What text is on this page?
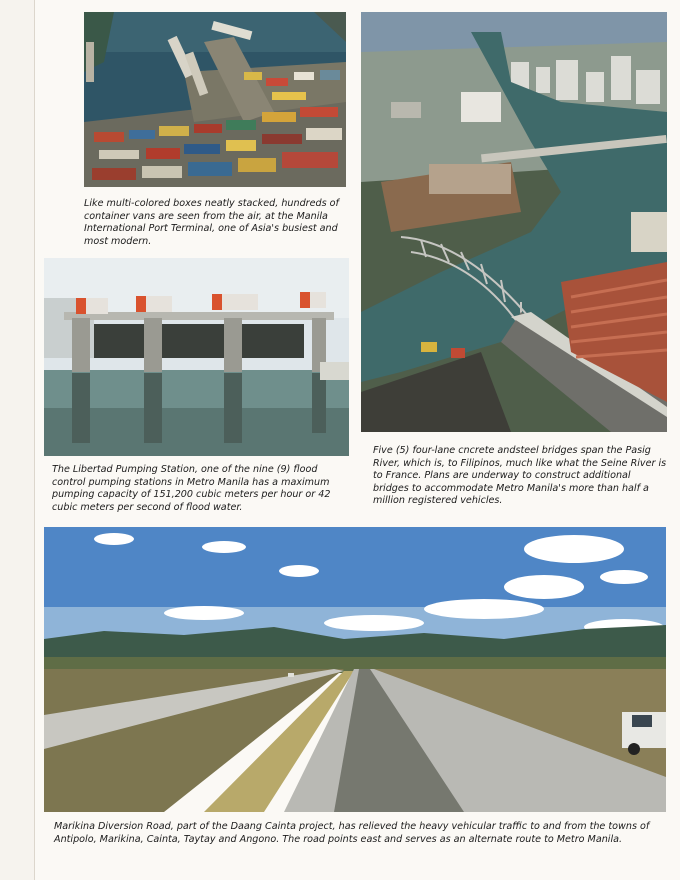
Like multi-colored boxes neatly stacked, hundreds of container vans are seen from the air, at the Manila International Port Terminal, one of Asia's busiest and most modern.

Five (5) four-lane cncrete andsteel bridges span the Pasig River, which is, to Filipinos, much like what the Seine River is to France. Plans are underway to construct additional bridges to accommodate Metro Manila's more than half a million registered vehicles.

The Libertad Pumping Station, one of the nine (9) flood control pumping stations in Metro Manila has a maximum pumping capacity of 151,200 cubic meters per hour or 42 cubic meters per second of flood water.

Marikina Diversion Road, part of the Daang Cainta project, has relieved the heavy vehicular traffic to and from the towns of Antipolo, Marikina, Cainta, Taytay and Angono. The road points east and serves as an alternate route to Metro Manila.
